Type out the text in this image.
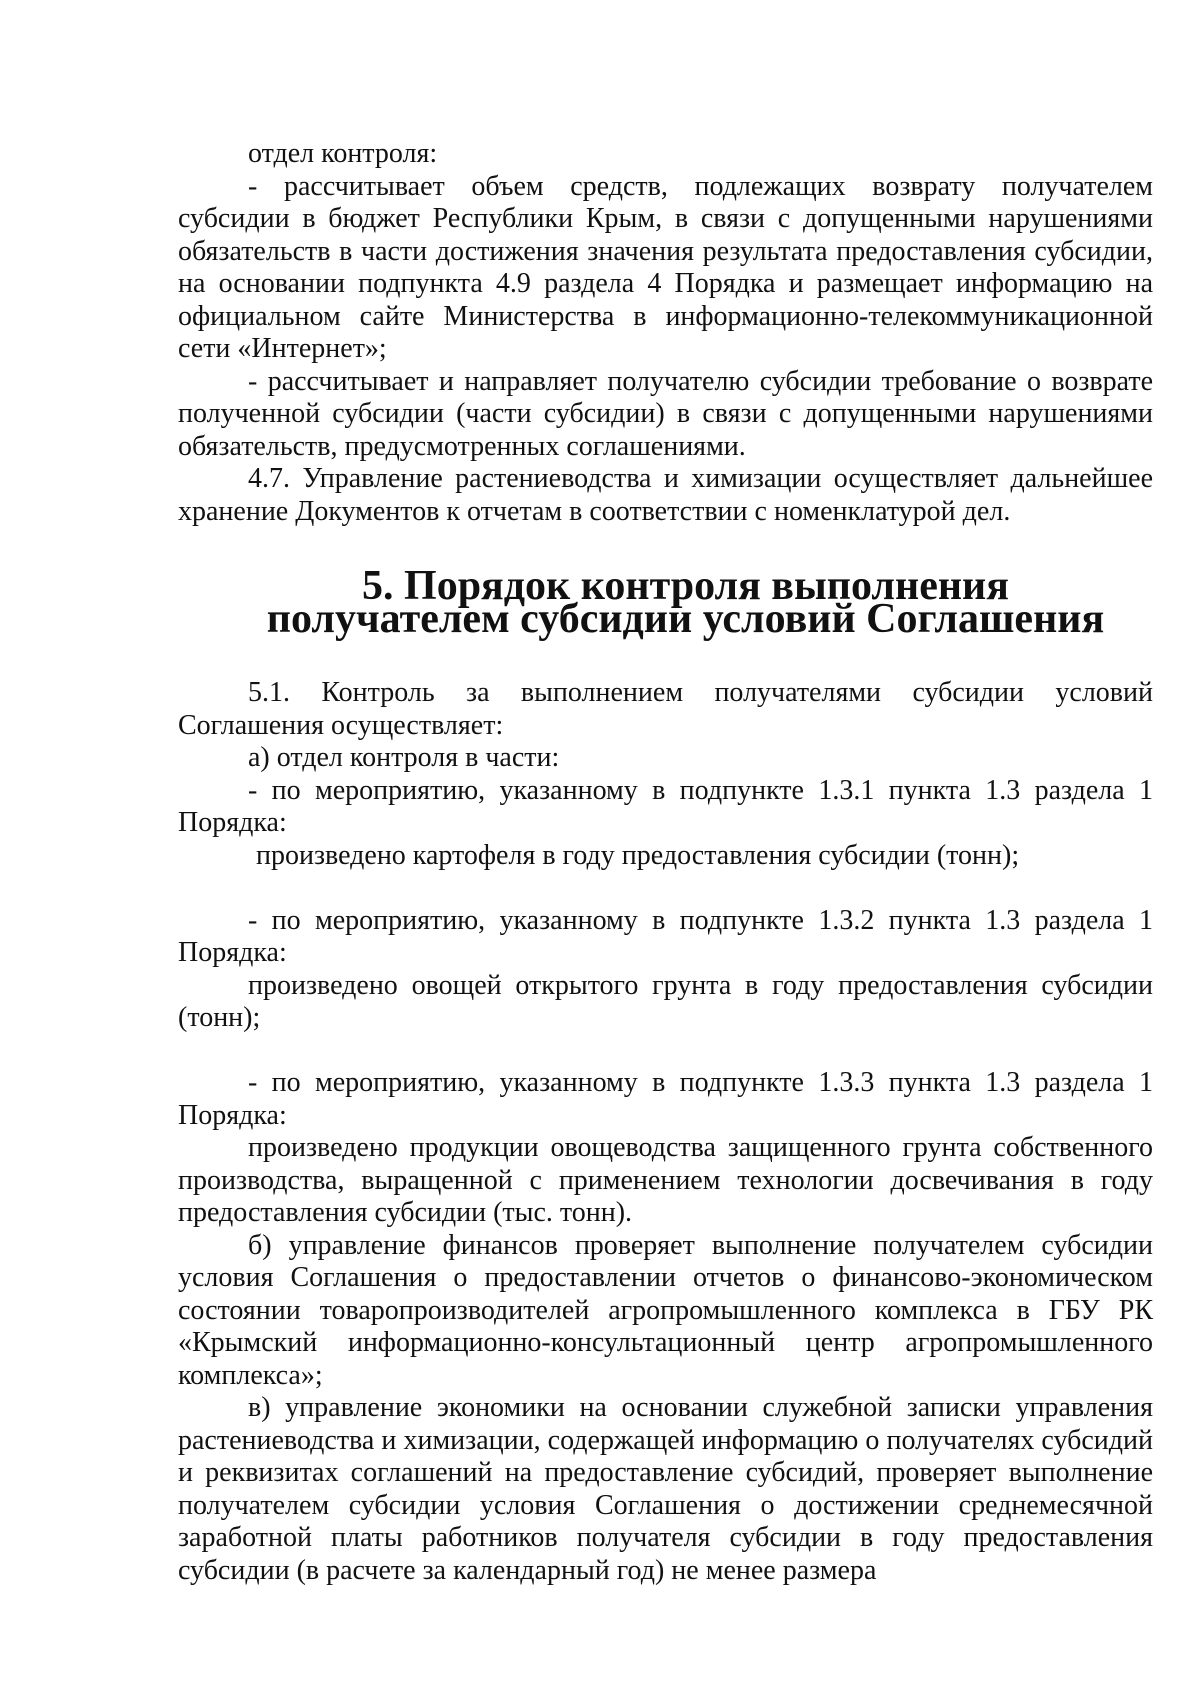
отдел контроля:

- рассчитывает объем средств, подлежащих возврату получателем субсидии в бюджет Республики Крым, в связи с допущенными нарушениями обязательств в части достижения значения результата предоставления субсидии, на основании подпункта 4.9 раздела 4 Порядка и размещает информацию на официальном сайте Министерства в информационно-телекоммуникационной сети «Интернет»;

- рассчитывает и направляет получателю субсидии требование о возврате полученной субсидии (части субсидии) в связи с допущенными нарушениями обязательств, предусмотренных соглашениями.

4.7. Управление растениеводства и химизации осуществляет дальнейшее хранение Документов к отчетам в соответствии с номенклатурой дел.

5. Порядок контроля выполнения получателем субсидии условий Соглашения

5.1. Контроль за выполнением получателями субсидии условий Соглашения осуществляет:

а) отдел контроля в части:

- по мероприятию, указанному в подпункте 1.3.1 пункта 1.3 раздела 1 Порядка:

произведено картофеля в году предоставления субсидии (тонн);

- по мероприятию, указанному в подпункте 1.3.2 пункта 1.3 раздела 1 Порядка:

произведено овощей открытого грунта в году предоставления субсидии (тонн);

- по мероприятию, указанному в подпункте 1.3.3 пункта 1.3 раздела 1 Порядка:

произведено продукции овощеводства защищенного грунта собственного производства, выращенной с применением технологии досвечивания в году предоставления субсидии (тыс. тонн).

б) управление финансов проверяет выполнение получателем субсидии условия Соглашения о предоставлении отчетов о финансово-экономическом состоянии товаропроизводителей агропромышленного комплекса в ГБУ РК «Крымский информационно-консультационный центр агропромышленного комплекса»;

в) управление экономики на основании служебной записки управления растениеводства и химизации, содержащей информацию о получателях субсидий и реквизитах соглашений на предоставление субсидий, проверяет выполнение получателем субсидии условия Соглашения о достижении среднемесячной заработной платы работников получателя субсидии в году предоставления субсидии (в расчете за календарный год) не менее размера
